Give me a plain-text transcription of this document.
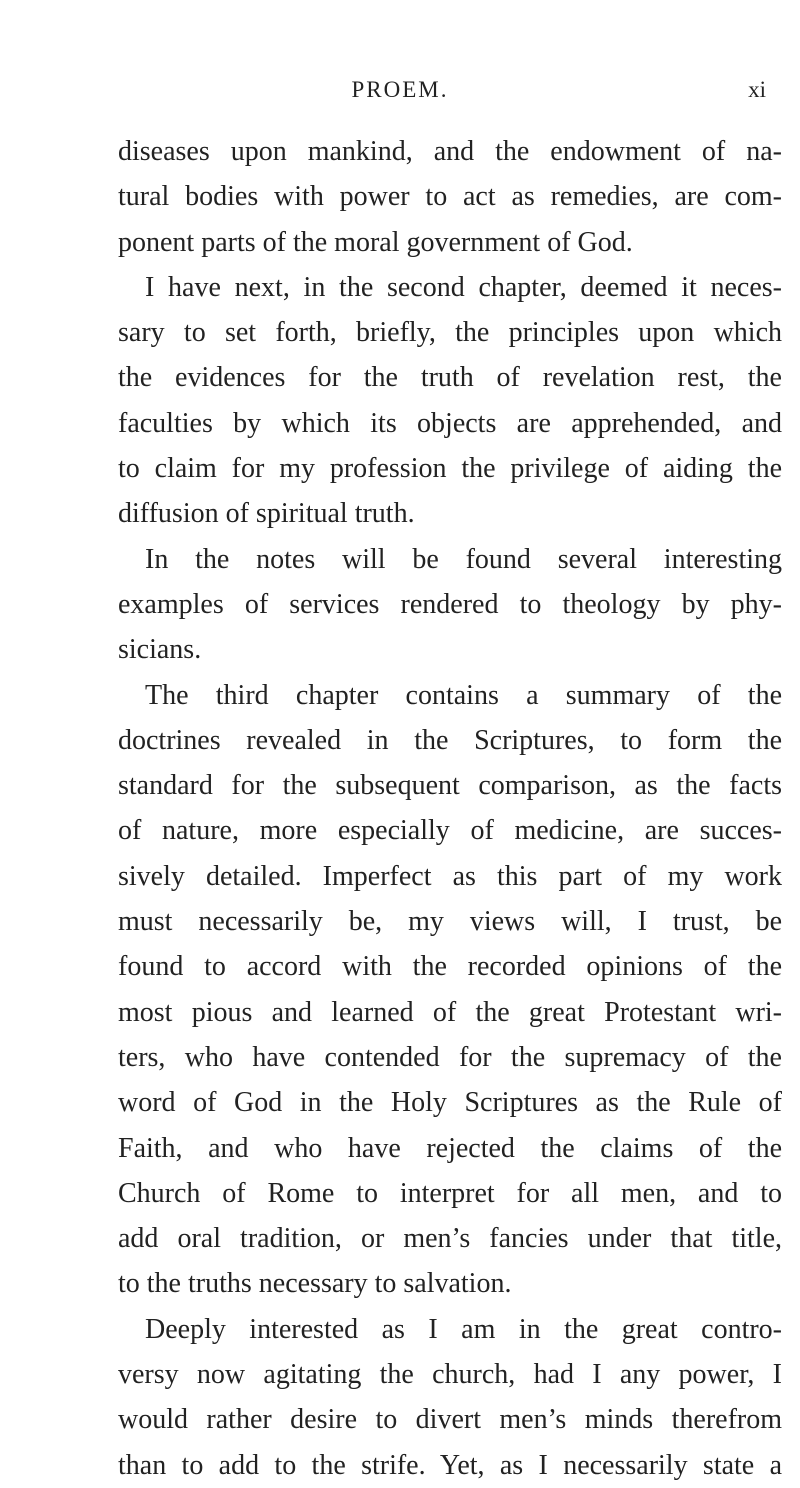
PROEM.	xi
diseases upon mankind, and the endowment of na-
tural bodies with power to act as remedies, are com-
ponent parts of the moral government of God.
I have next, in the second chapter, deemed it neces-
sary to set forth, briefly, the principles upon which
the evidences for the truth of revelation rest, the
faculties by which its objects are apprehended, and
to claim for my profession the privilege of aiding the
diffusion of spiritual truth.
In the notes will be found several interesting
examples of services rendered to theology by phy-
sicians.
The third chapter contains a summary of the
doctrines revealed in the Scriptures, to form the
standard for the subsequent comparison, as the facts
of nature, more especially of medicine, are succes-
sively detailed. Imperfect as this part of my work
must necessarily be, my views will, I trust, be
found to accord with the recorded opinions of the
most pious and learned of the great Protestant wri-
ters, who have contended for the supremacy of the
word of God in the Holy Scriptures as the Rule of
Faith, and who have rejected the claims of the
Church of Rome to interpret for all men, and to
add oral tradition, or men’s fancies under that title,
to the truths necessary to salvation.
Deeply interested as I am in the great contro-
versy now agitating the church, had I any power, I
would rather desire to divert men’s minds therefrom
than to add to the strife. Yet, as I necessarily state a
